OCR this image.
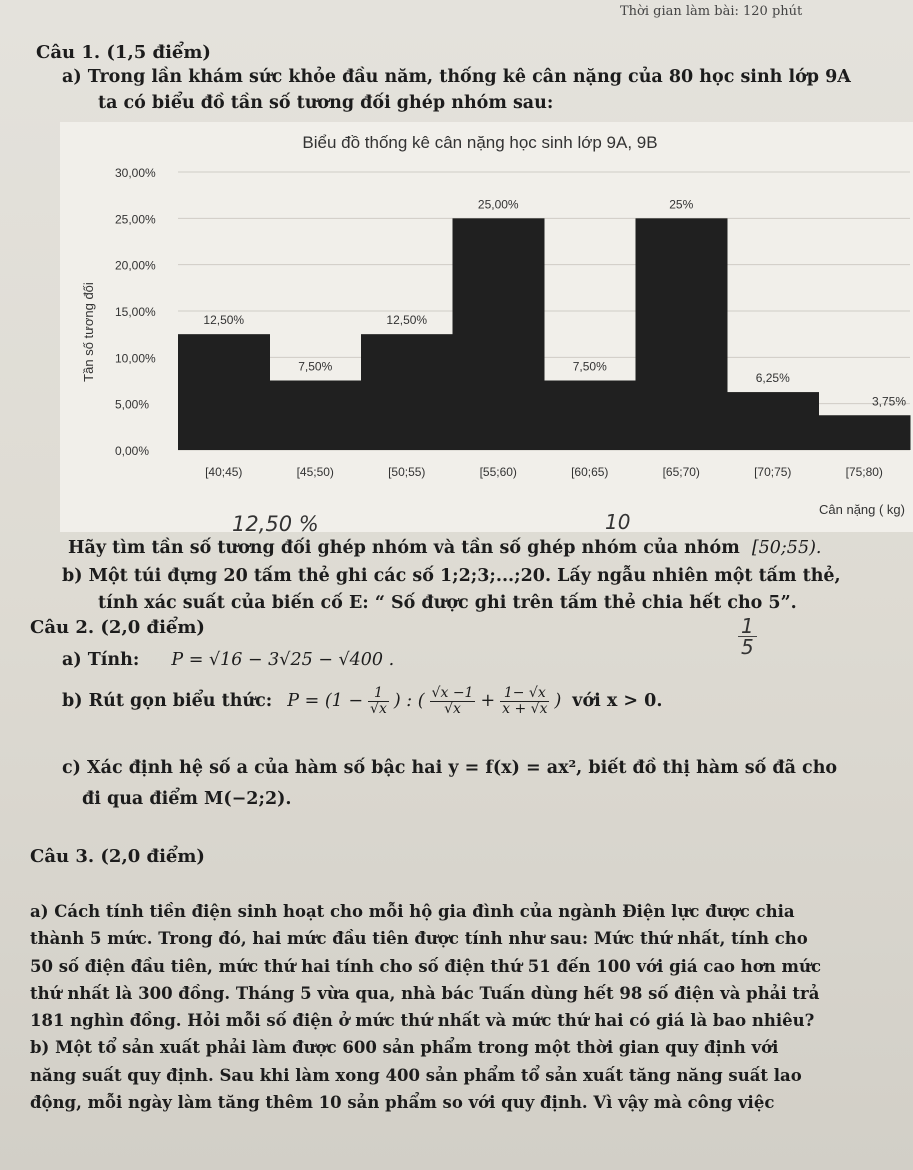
Thời gian làm bài: 120 phút
Câu 1. (1,5 điểm)
a) Trong lần khám sức khỏe đầu năm, thống kê cân nặng của 80 học sinh lớp 9A
ta có biểu đồ tần số tương đối ghép nhóm sau:
Biểu đồ thống kê cân nặng học sinh lớp 9A, 9B
Tần số tương đối
Cân nặng ( kg)
0,00%
5,00%
10,00%
15,00%
20,00%
25,00%
30,00%
12,50%
7,50%
12,50%
25,00%
7,50%
25%
6,25%
3,75%
[40;45)	[45;50)	[50;55)	[55;60)	[60;65)	[65;70)	[70;75)	[75;80)
12,50 %	10
$\frac{1}{5}$
Hãy tìm tần số tương đối ghép nhóm và tần số ghép nhóm của nhóm [50;55).
b) Một túi đựng 20 tấm thẻ ghi các số 1;2;3;...;20. Lấy ngẫu nhiên một tấm thẻ,
tính xác suất của biến cố E: “ Số được ghi trên tấm thẻ chia hết cho 5”.
Câu 2. (2,0 điểm)
a) Tính: P = √16 − 3√25 − √400 .
b) Rút gọn biểu thức: $P = (1 - \frac{1}{√x}$ ) : ( $\frac{√x -1}{√x} + \frac{1- √x}{x + √x}$ ) với x > 0.
c) Xác định hệ số a của hàm số bậc hai y = f(x) = ax², biết đồ thị hàm số đã cho
đi qua điểm M(−2;2).
Câu 3. (2,0 điểm)
a) Cách tính tiền điện sinh hoạt cho mỗi hộ gia đình của ngành Điện lực được chia
thành 5 mức. Trong đó, hai mức đầu tiên được tính như sau: Mức thứ nhất, tính cho
50 số điện đầu tiên, mức thứ hai tính cho số điện thứ 51 đến 100 với giá cao hơn mức
thứ nhất là 300 đồng. Tháng 5 vừa qua, nhà bác Tuấn dùng hết 98 số điện và phải trả
181 nghìn đồng. Hỏi mỗi số điện ở mức thứ nhất và mức thứ hai có giá là bao nhiêu?
b) Một tổ sản xuất phải làm được 600 sản phẩm trong một thời gian quy định với
năng suất quy định. Sau khi làm xong 400 sản phẩm tổ sản xuất tăng năng suất lao
động, mỗi ngày làm tăng thêm 10 sản phẩm so với quy định. Vì vậy mà công việc
